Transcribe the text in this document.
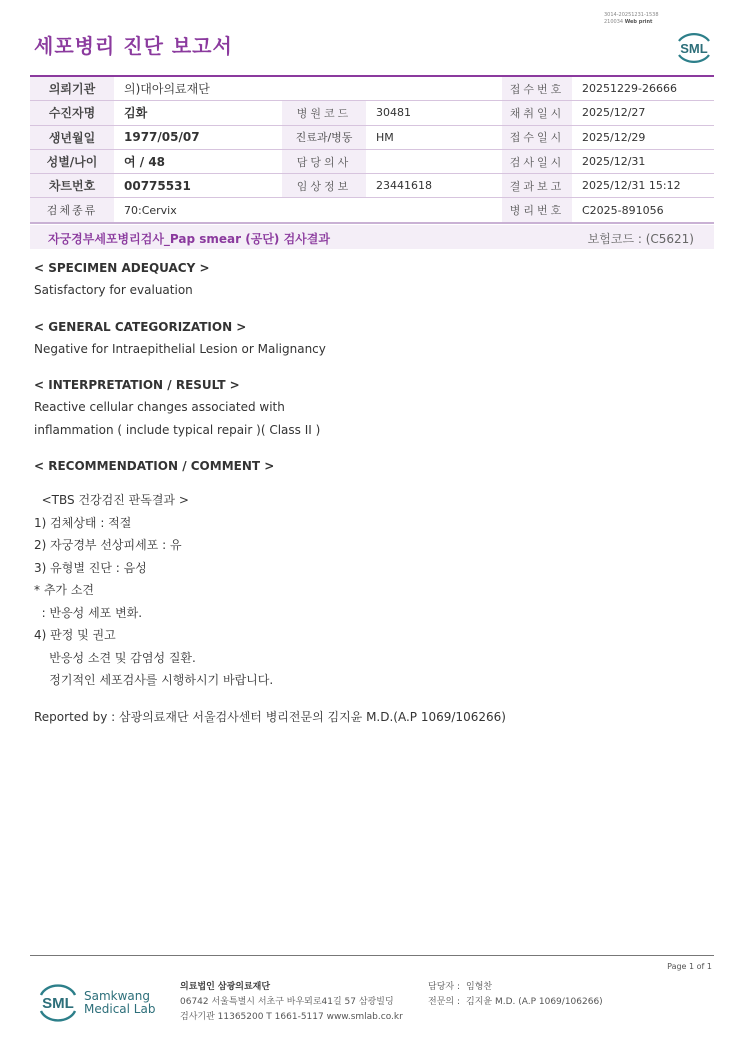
3014-20251231-1538
210034 Web print
세포병리 진단 보고서	SML
의뢰기관	의)대아의료재단			접수번호	20251229-26666
수진자명	김화	병원코드	30481	채취일시	2025/12/27
생년월일	1977/05/07	진료과/병동	HM	접수일시	2025/12/29
성별/나이	여 / 48	담당의사		검사일시	2025/12/31
차트번호	00775531	임상정보	23441618	결과보고	2025/12/31 15:12
검체종류	70:Cervix			병리번호	C2025-891056
자궁경부세포병리검사_Pap smear (공단) 검사결과	보험코드 : (C5621)
< SPECIMEN ADEQUACY >
Satisfactory for evaluation
< GENERAL CATEGORIZATION >
Negative for Intraepithelial Lesion or Malignancy
< INTERPRETATION / RESULT >
Reactive cellular changes associated with
inflammation ( include typical repair )( Class II )
< RECOMMENDATION / COMMENT >
<TBS 건강검진 판독결과 >
1) 검체상태 : 적절
2) 자궁경부 선상피세포 : 유
3) 유형별 진단 : 음성
* 추가 소견
: 반응성 세포 변화.
4) 판정 및 권고
반응성 소견 및 감염성 질환.
정기적인 세포검사를 시행하시기 바랍니다.
Reported by : 삼광의료재단 서울검사센터 병리전문의 김지윤 M.D.(A.P 1069/106266)
Page 1 of 1
SML Samkwang
Medical Lab
의료법인 삼광의료재단
06742 서울특별시 서초구 바우뫼로41길 57 삼광빌딩
검사기관 11365200 T 1661-5117 www.smlab.co.kr
담당자 : 임형찬
전문의 : 김지윤 M.D. (A.P 1069/106266)
